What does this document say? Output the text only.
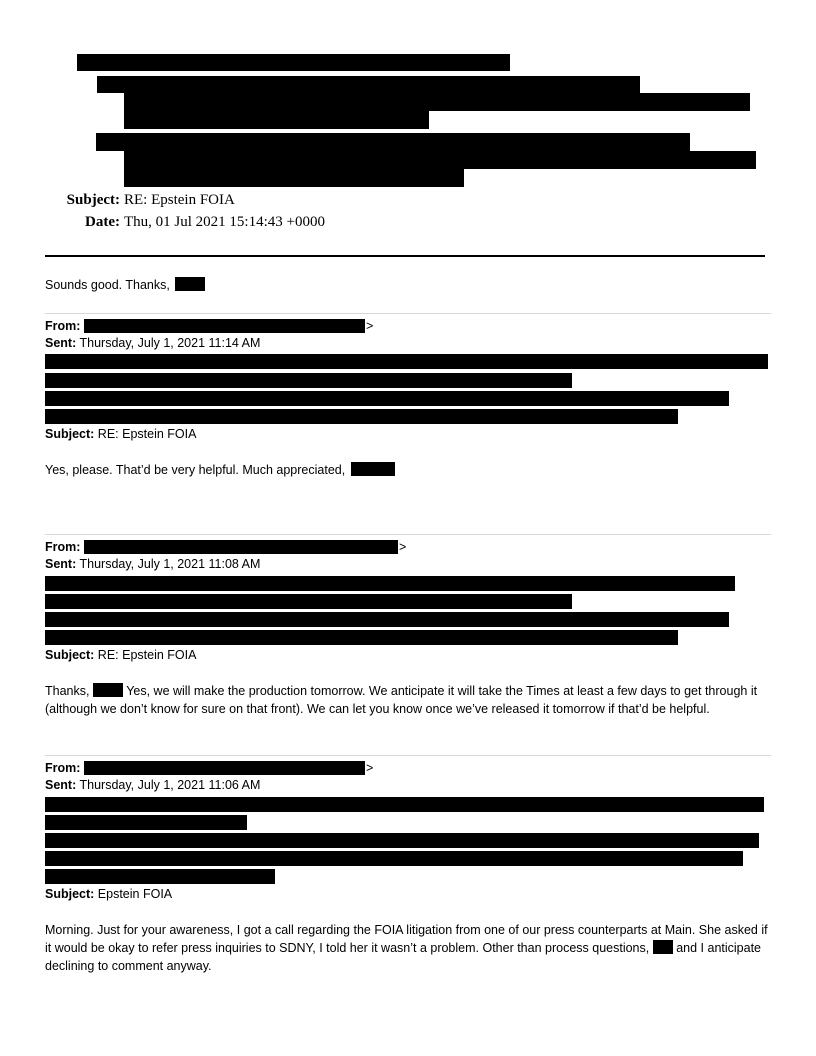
Subject: RE: Epstein FOIA
Date: Thu, 01 Jul 2021 15:14:43 +0000
Sounds good. Thanks,
From:	>
Sent: Thursday, July 1, 2021 11:14 AM
Subject: RE: Epstein FOIA
Yes, please. That’d be very helpful. Much appreciated,
From:	>
Sent: Thursday, July 1, 2021 11:08 AM
Subject: RE: Epstein FOIA
Thanks,	Yes, we will make the production tomorrow. We anticipate it will take the Times at least a few days to get through it (although we don’t know for sure on that front). We can let you know once we’ve released it tomorrow if that’d be helpful.
From:	>
Sent: Thursday, July 1, 2021 11:06 AM
Subject: Epstein FOIA
Morning. Just for your awareness, I got a call regarding the FOIA litigation from one of our press counterparts at Main. She asked if it would be okay to refer press inquiries to SDNY, I told her it wasn’t a problem. Other than process questions, and I anticipate declining to comment anyway.
